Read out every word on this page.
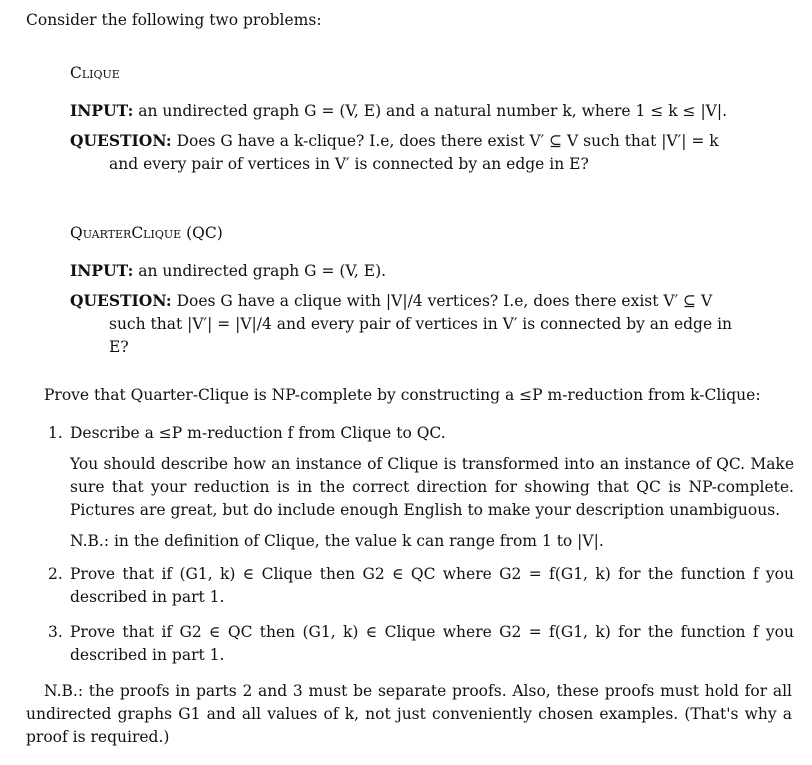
Consider the following two problems:
Clique
INPUT: an undirected graph G = (V, E) and a natural number k, where 1 ≤ k ≤ |V|.
QUESTION: Does G have a k-clique? I.e, does there exist V′ ⊆ V such that |V′| = k and every pair of vertices in V′ is connected by an edge in E?
QuarterClique (QC)
INPUT: an undirected graph G = (V, E).
QUESTION: Does G have a clique with |V|/4 vertices? I.e, does there exist V′ ⊆ V such that |V′| = |V|/4 and every pair of vertices in V′ is connected by an edge in E?
Prove that Quarter-Clique is NP-complete by constructing a ≤P m-reduction from k-Clique:
1. Describe a ≤P m-reduction f from Clique to QC.
You should describe how an instance of Clique is transformed into an instance of QC. Make sure that your reduction is in the correct direction for showing that QC is NP-complete. Pictures are great, but do include enough English to make your description unambiguous.
N.B.: in the definition of Clique, the value k can range from 1 to |V|.
2. Prove that if (G1, k) ∈ Clique then G2 ∈ QC where G2 = f(G1, k) for the function f you described in part 1.
3. Prove that if G2 ∈ QC then (G1, k) ∈ Clique where G2 = f(G1, k) for the function f you described in part 1.
N.B.: the proofs in parts 2 and 3 must be separate proofs. Also, these proofs must hold for all undirected graphs G1 and all values of k, not just conveniently chosen examples. (That's why a proof is required.)
